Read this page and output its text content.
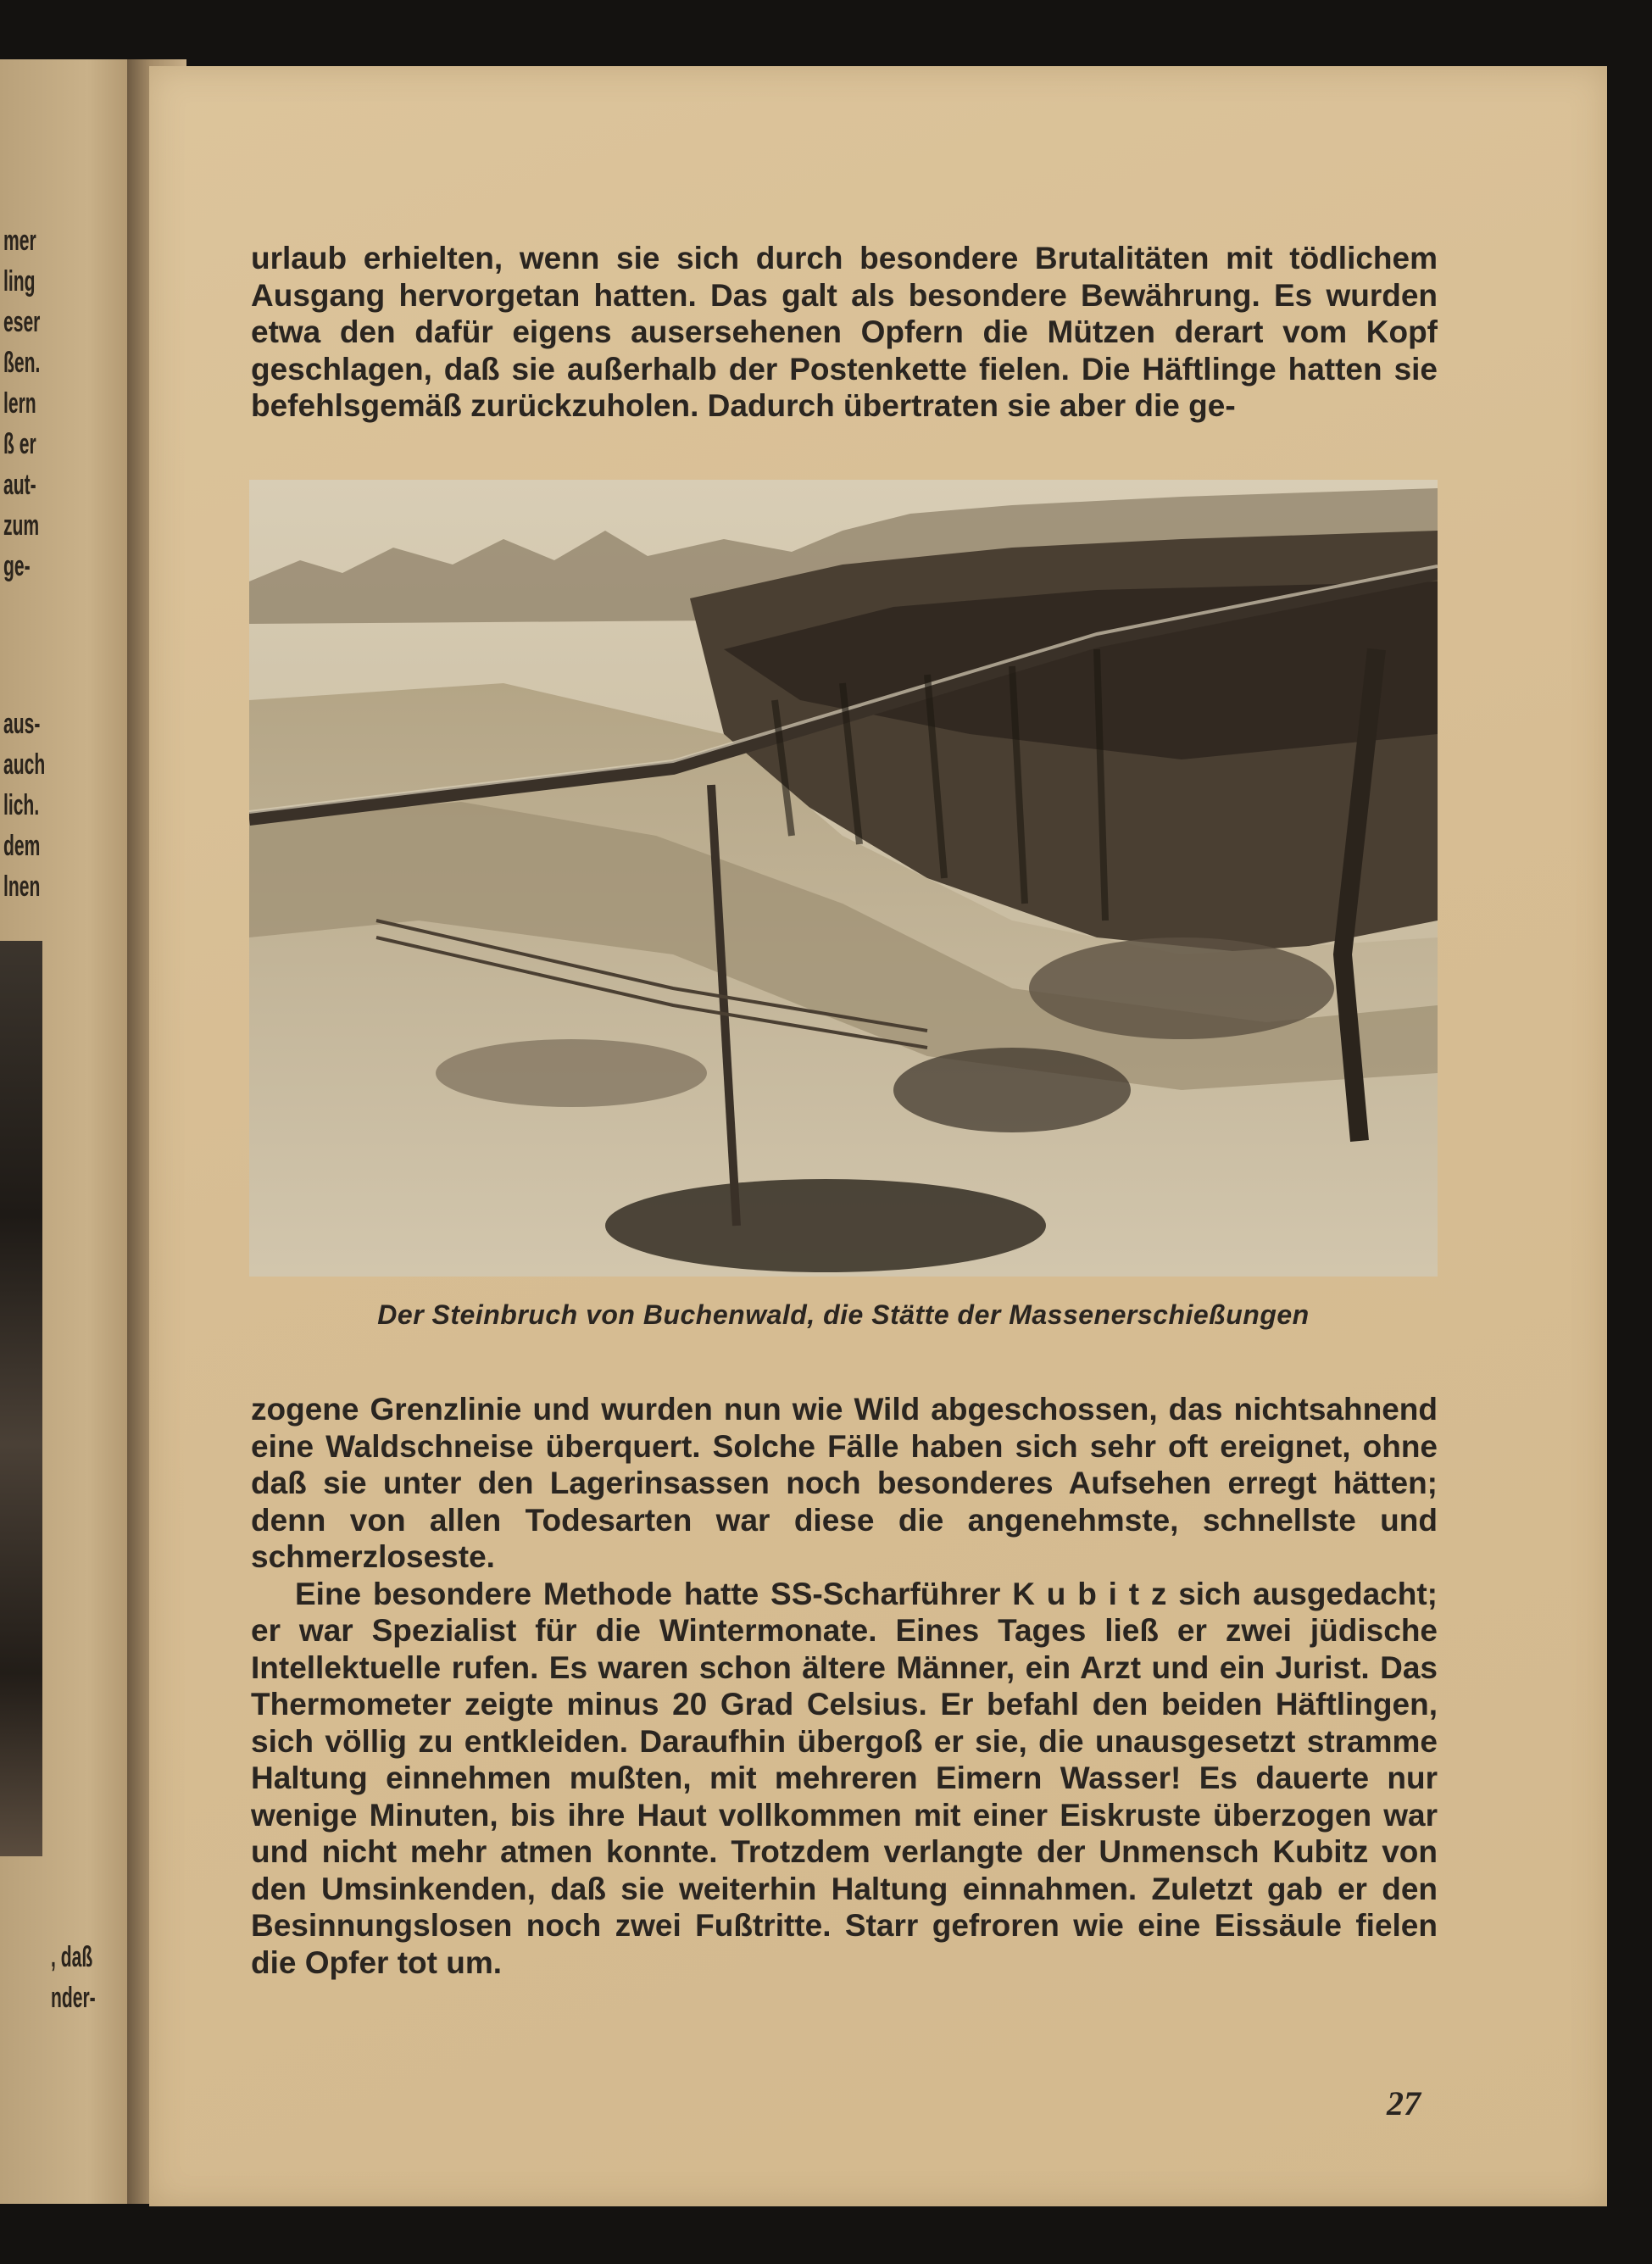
mer
ling
eser
ßen.
lern
ß er
aut-
zum
ge-
aus-
auch
lich.
dem
lnen
, daß
nder-

urlaub erhielten, wenn sie sich durch besondere Brutalitäten mit tödlichem Ausgang hervorgetan hatten. Das galt als besondere Bewährung. Es wurden etwa den dafür eigens ausersehenen Opfern die Mützen derart vom Kopf geschlagen, daß sie außerhalb der Postenkette fielen. Die Häftlinge hatten sie befehlsgemäß zurückzuholen. Dadurch übertraten sie aber die ge-

Der Steinbruch von Buchenwald, die Stätte der Massenerschießungen

zogene Grenzlinie und wurden nun wie Wild abgeschossen, das nichtsahnend eine Waldschneise überquert. Solche Fälle haben sich sehr oft ereignet, ohne daß sie unter den Lagerinsassen noch besonderes Aufsehen erregt hätten; denn von allen Todesarten war diese die angenehmste, schnellste und schmerzloseste.

Eine besondere Methode hatte SS-Scharführer K u b i t z sich ausgedacht; er war Spezialist für die Wintermonate. Eines Tages ließ er zwei jüdische Intellektuelle rufen. Es waren schon ältere Männer, ein Arzt und ein Jurist. Das Thermometer zeigte minus 20 Grad Celsius. Er befahl den beiden Häftlingen, sich völlig zu entkleiden. Daraufhin übergoß er sie, die unausgesetzt stramme Haltung einnehmen mußten, mit mehreren Eimern Wasser! Es dauerte nur wenige Minuten, bis ihre Haut vollkommen mit einer Eiskruste überzogen war und nicht mehr atmen konnte. Trotzdem verlangte der Unmensch Kubitz von den Umsinkenden, daß sie weiterhin Haltung einnahmen. Zuletzt gab er den Besinnungslosen noch zwei Fußtritte. Starr gefroren wie eine Eissäule fielen die Opfer tot um.

27
